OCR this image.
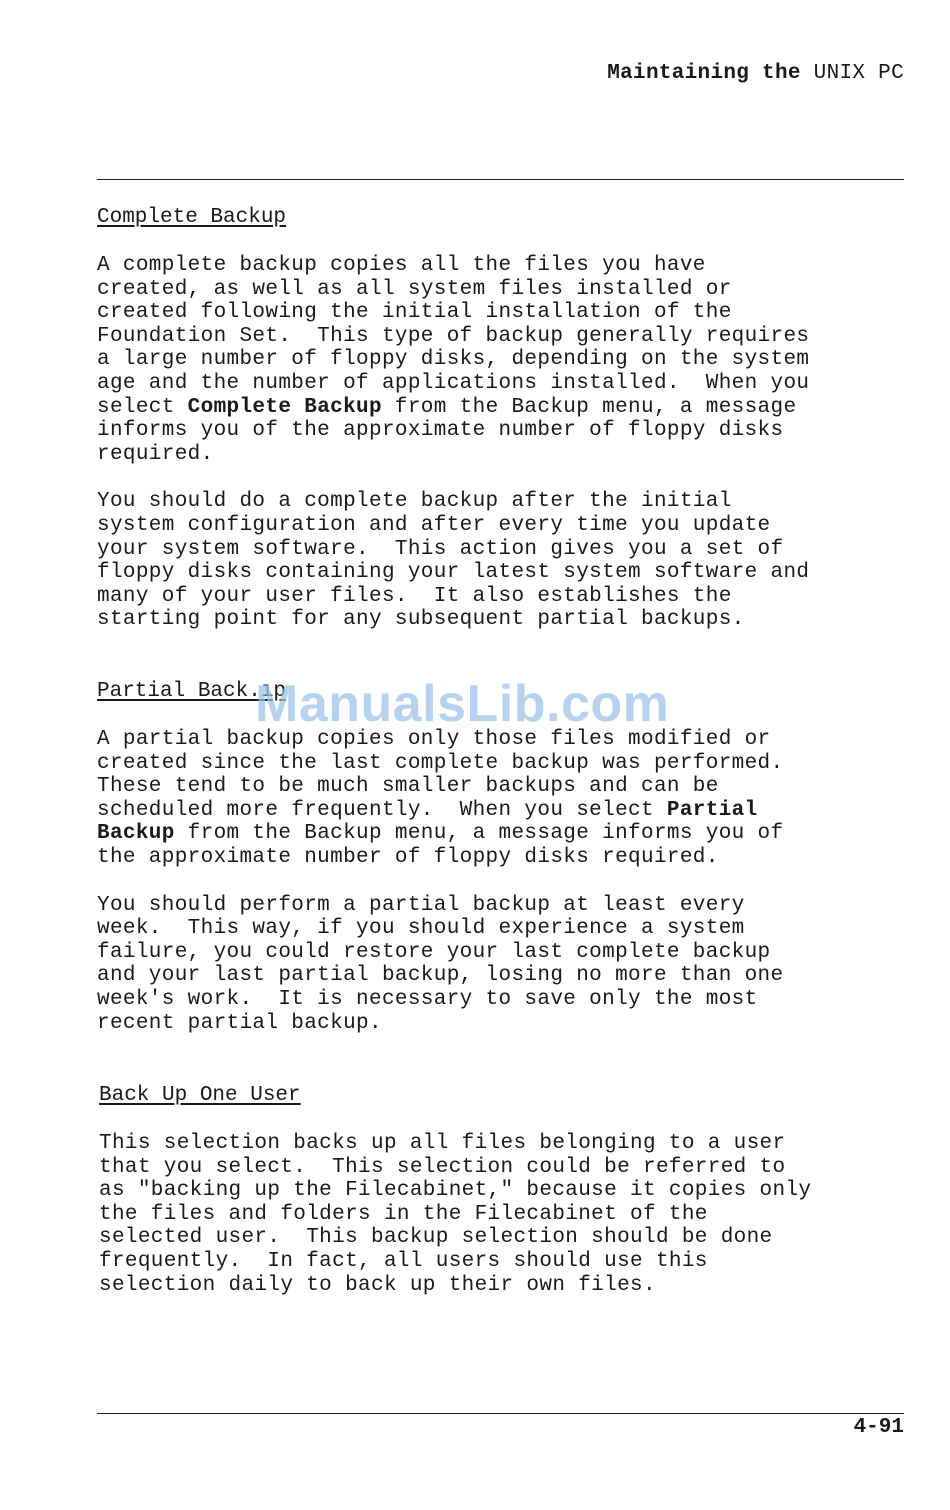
Maintaining the UNIX PC

Complete Backup

A complete backup copies all the files you have
created, as well as all system files installed or
created following the initial installation of the
Foundation Set.  This type of backup generally requires
a large number of floppy disks, depending on the system
age and the number of applications installed.  When you
select Complete Backup from the Backup menu, a message
informs you of the approximate number of floppy disks
required.

You should do a complete backup after the initial
system configuration and after every time you update
your system software.  This action gives you a set of
floppy disks containing your latest system software and
many of your user files.  It also establishes the
starting point for any subsequent partial backups.

Partial Back.ıp

A partial backup copies only those files modified or
created since the last complete backup was performed.
These tend to be much smaller backups and can be
scheduled more frequently.  When you select Partial
Backup from the Backup menu, a message informs you of
the approximate number of floppy disks required.

You should perform a partial backup at least every
week.  This way, if you should experience a system
failure, you could restore your last complete backup
and your last partial backup, losing no more than one
week's work.  It is necessary to save only the most
recent partial backup.

Back Up One User

This selection backs up all files belonging to a user
that you select.  This selection could be referred to
as "backing up the Filecabinet," because it copies only
the files and folders in the Filecabinet of the
selected user.  This backup selection should be done
frequently.  In fact, all users should use this
selection daily to back up their own files.

ManualsLib.com
4-91
